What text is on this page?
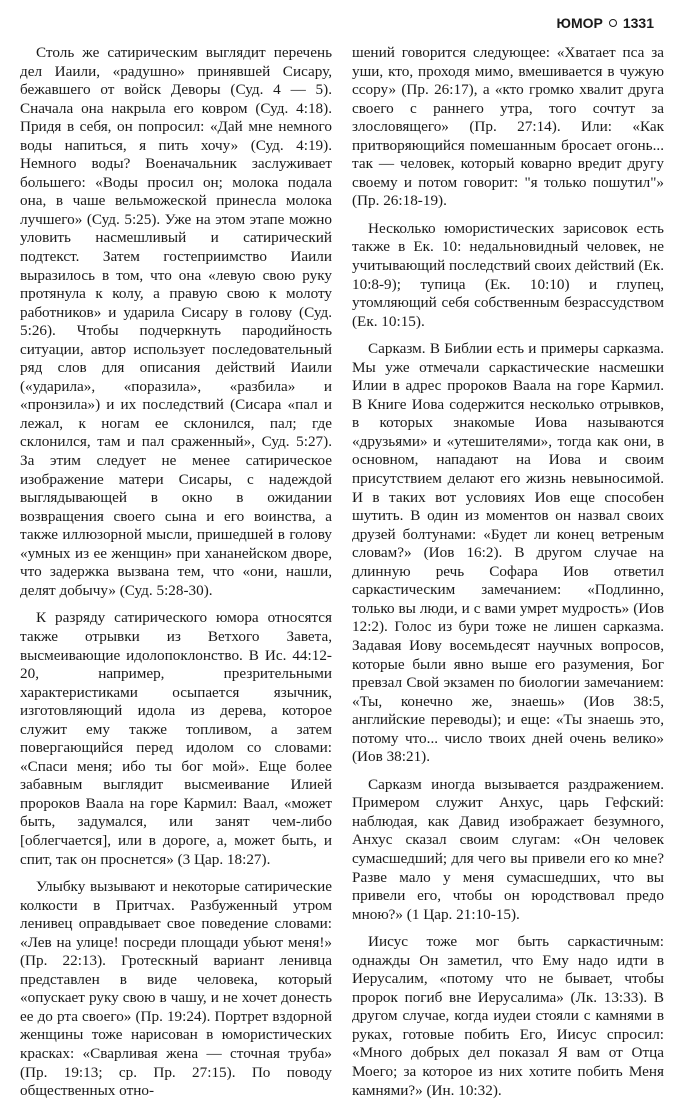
ЮМОР 1331

Столь же сатирическим выглядит перечень дел Иаили, «радушно» принявшей Сисару, бежавшего от войск Деворы (Суд. 4 — 5). Сначала она накрыла его ковром (Суд. 4:18). Придя в себя, он попросил: «Дай мне немного воды напиться, я пить хочу» (Суд. 4:19). Немного воды? Военачальник заслуживает большего: «Воды просил он; молока подала она, в чаше вельможеской принесла молока лучшего» (Суд. 5:25). Уже на этом этапе можно уловить насмешливый и сатирический подтекст. Затем гостеприимство Иаили выразилось в том, что она «левую свою руку протянула к колу, а правую свою к молоту работников» и ударила Сисару в голову (Суд. 5:26). Чтобы подчеркнуть пародийность ситуации, автор использует последовательный ряд слов для описания действий Иаили («ударила», «поразила», «разбила» и «пронзила») и их последствий (Сисара «пал и лежал, к ногам ее склонился, пал; где склонился, там и пал сраженный», Суд. 5:27). За этим следует не менее сатирическое изображение матери Сисары, с надеждой выглядывающей в окно в ожидании возвращения своего сына и его воинства, а также иллюзорной мысли, пришедшей в голову «умных из ее женщин» при хананейском дворе, что задержка вызвана тем, что «они, нашли, делят добычу» (Суд. 5:28-30).

К разряду сатирического юмора относятся также отрывки из Ветхого Завета, высмеивающие идолопоклонство. В Ис. 44:12-20, например, презрительными характеристиками осыпается язычник, изготовляющий идола из дерева, которое служит ему также топливом, а затем повергающийся перед идолом со словами: «Спаси меня; ибо ты бог мой». Еще более забавным выглядит высмеивание Илией пророков Ваала на горе Кармил: Ваал, «может быть, задумался, или занят чем-либо [облегчается], или в дороге, а, может быть, и спит, так он проснется» (3 Цар. 18:27).

Улыбку вызывают и некоторые сатирические колкости в Притчах. Разбуженный утром ленивец оправдывает свое поведение словами: «Лев на улице! посреди площади убьют меня!» (Пр. 22:13). Гротескный вариант ленивца представлен в виде человека, который «опускает руку свою в чашу, и не хочет донесть ее до рта своего» (Пр. 19:24). Портрет вздорной женщины тоже нарисован в юмористических красках: «Сварливая жена — сточная труба» (Пр. 19:13; ср. Пр. 27:15). По поводу общественных отно-

шений говорится следующее: «Хватает пса за уши, кто, проходя мимо, вмешивается в чужую ссору» (Пр. 26:17), а «кто громко хвалит друга своего с раннего утра, того сочтут за злословящего» (Пр. 27:14). Или: «Как притворяющийся помешанным бросает огонь... так — человек, который коварно вредит другу своему и потом говорит: "я только пошутил"» (Пр. 26:18-19).

Несколько юмористических зарисовок есть также в Ек. 10: недальновидный человек, не учитывающий последствий своих действий (Ек. 10:8-9); тупица (Ек. 10:10) и глупец, утомляющий себя собственным безрассудством (Ек. 10:15).

Сарказм. В Библии есть и примеры сарказма. Мы уже отмечали саркастические насмешки Илии в адрес пророков Ваала на горе Кармил. В Книге Иова содержится несколько отрывков, в которых знакомые Иова называются «друзьями» и «утешителями», тогда как они, в основном, нападают на Иова и своим присутствием делают его жизнь невыносимой. И в таких вот условиях Иов еще способен шутить. В один из моментов он назвал своих друзей болтунами: «Будет ли конец ветреным словам?» (Иов 16:2). В другом случае на длинную речь Софара Иов ответил саркастическим замечанием: «Подлинно, только вы люди, и с вами умрет мудрость» (Иов 12:2). Голос из бури тоже не лишен сарказма. Задавая Иову восемьдесят научных вопросов, которые были явно выше его разумения, Бог превзал Свой экзамен по биологии замечанием: «Ты, конечно же, знаешь» (Иов 38:5, английские переводы); и еще: «Ты знаешь это, потому что... число твоих дней очень велико» (Иов 38:21).

Сарказм иногда вызывается раздражением. Примером служит Анхус, царь Гефский: наблюдая, как Давид изображает безумного, Анхус сказал своим слугам: «Он человек сумасшедший; для чего вы привели его ко мне? Разве мало у меня сумасшедших, что вы привели его, чтобы он юродствовал предо мною?» (1 Цар. 21:10-15).

Иисус тоже мог быть саркастичным: однажды Он заметил, что Ему надо идти в Иерусалим, «потому что не бывает, чтобы пророк погиб вне Иерусалима» (Лк. 13:33). В другом случае, когда иудеи стояли с камнями в руках, готовые побить Его, Иисус спросил: «Много добрых дел показал Я вам от Отца Моего; за которое из них хотите побить Меня камнями?» (Ин. 10:32).
